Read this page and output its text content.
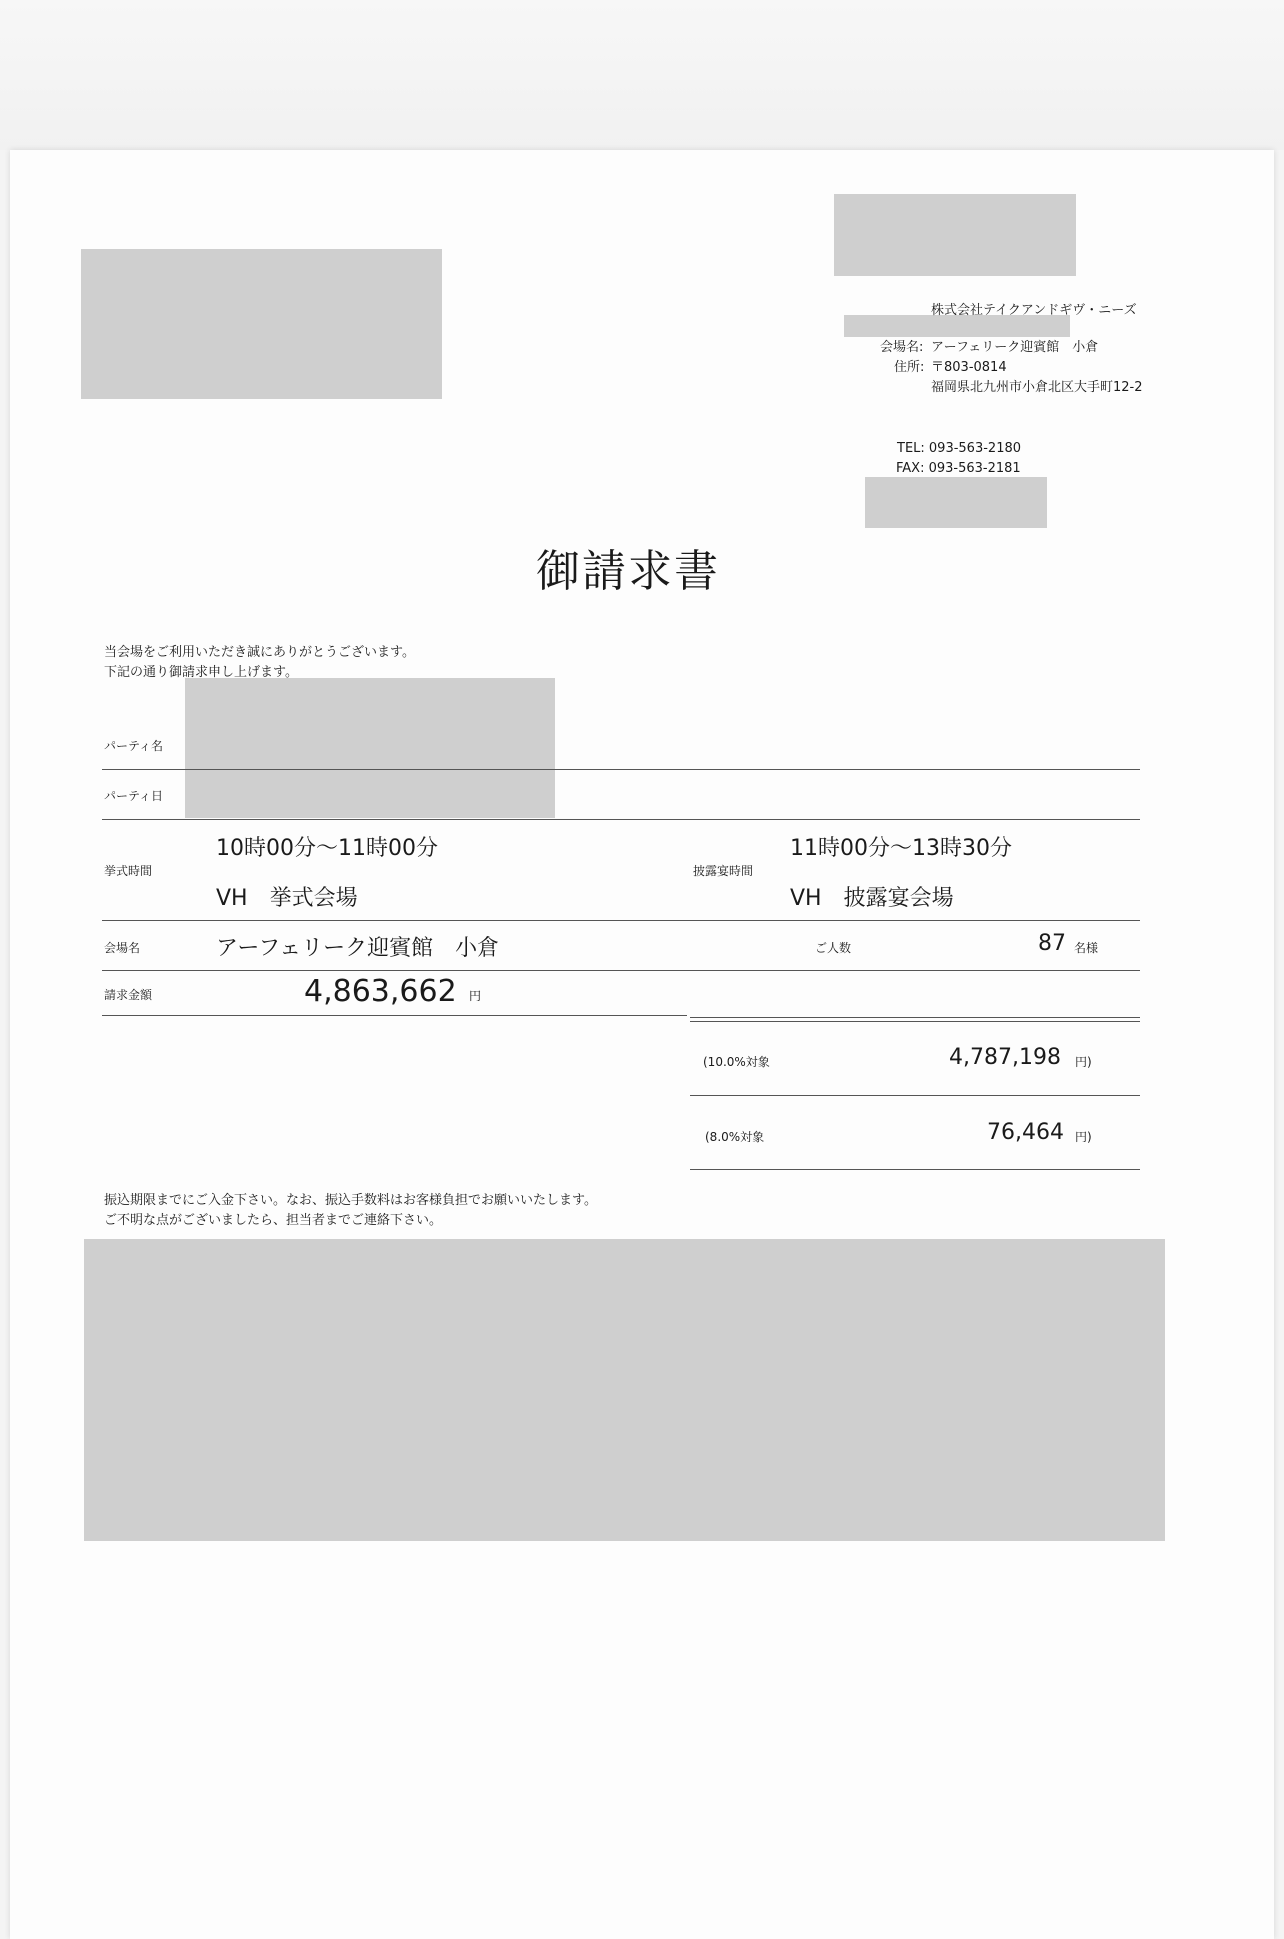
株式会社テイクアンドギヴ・ニーズ
会場名: アーフェリーク迎賓館　小倉
住所: 〒803-0814
福岡県北九州市小倉北区大手町12-2
TEL: 093-563-2180
FAX: 093-563-2181
御請求書
当会場をご利用いただき誠にありがとうございます。
下記の通り御請求申し上げます。
パーティ名
パーティ日
挙式時間
10時00分～11時00分
VH　挙式会場
披露宴時間
11時00分～13時30分
VH　披露宴会場
会場名	アーフェリーク迎賓館　小倉	ご人数	87 名様
請求金額	4,863,662 円
(10.0%対象	4,787,198 円)
(8.0%対象	76,464 円)
振込期限までにご入金下さい。なお、振込手数料はお客様負担でお願いいたします。
ご不明な点がございましたら、担当者までご連絡下さい。
